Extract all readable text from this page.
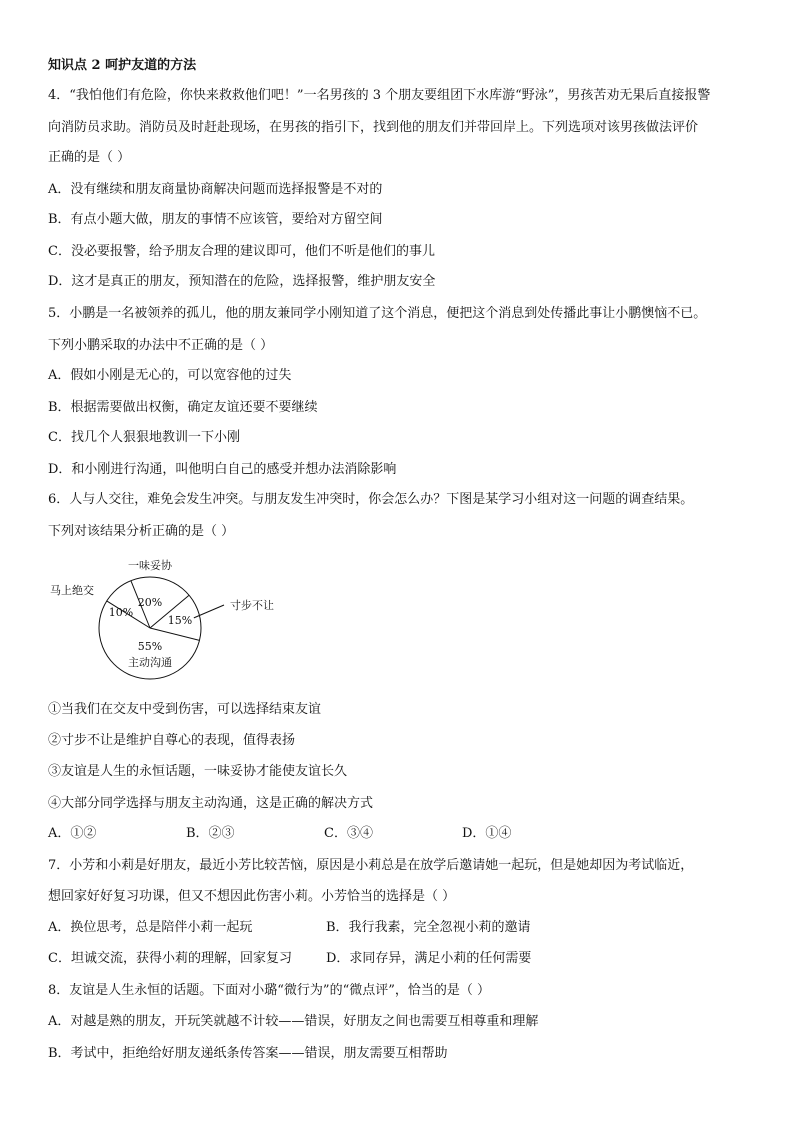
知识点 2 呵护友道的方法
4．“我怕他们有危险，你快来救救他们吧！”一名男孩的 3 个朋友要组团下水库游“野泳”，男孩苦劝无果后直接报警
向消防员求助。消防员及时赶赴现场，在男孩的指引下，找到他的朋友们并带回岸上。下列选项对该男孩做法评价
正确的是（ ）
A．没有继续和朋友商量协商解决问题而选择报警是不对的
B．有点小题大做，朋友的事情不应该管，要给对方留空间
C．没必要报警，给予朋友合理的建议即可，他们不听是他们的事儿
D．这才是真正的朋友，预知潜在的危险，选择报警，维护朋友安全
5．小鹏是一名被领养的孤儿，他的朋友兼同学小刚知道了这个消息，便把这个消息到处传播此事让小鹏懊恼不已。
下列小鹏采取的办法中不正确的是（ ）
A．假如小刚是无心的，可以宽容他的过失
B．根据需要做出权衡，确定友谊还要不要继续
C．找几个人狠狠地教训一下小刚
D．和小刚进行沟通，叫他明白自己的感受并想办法消除影响
6．人与人交往，难免会发生冲突。与朋友发生冲突时，你会怎么办？下图是某学习小组对这一问题的调查结果。
下列对该结果分析正确的是（ ）
20%
一味妥协
15%
寸步不让
55%
主动沟通
10%
马上绝交
①当我们在交友中受到伤害，可以选择结束友谊
②寸步不让是维护自尊心的表现，值得表扬
③友谊是人生的永恒话题，一味妥协才能使友谊长久
④大部分同学选择与朋友主动沟通，这是正确的解决方式
A．①②	B．②③	C．③④	D．①④
7．小芳和小莉是好朋友，最近小芳比较苦恼，原因是小莉总是在放学后邀请她一起玩，但是她却因为考试临近，
想回家好好复习功课，但又不想因此伤害小莉。小芳恰当的选择是（ ）
A．换位思考，总是陪伴小莉一起玩	B．我行我素，完全忽视小莉的邀请
C．坦诚交流，获得小莉的理解，回家复习	D．求同存异，满足小莉的任何需要
8．友谊是人生永恒的话题。下面对小璐“微行为”的“微点评”，恰当的是（ ）
A．对越是熟的朋友，开玩笑就越不计较——错误，好朋友之间也需要互相尊重和理解
B．考试中，拒绝给好朋友递纸条传答案——错误，朋友需要互相帮助
